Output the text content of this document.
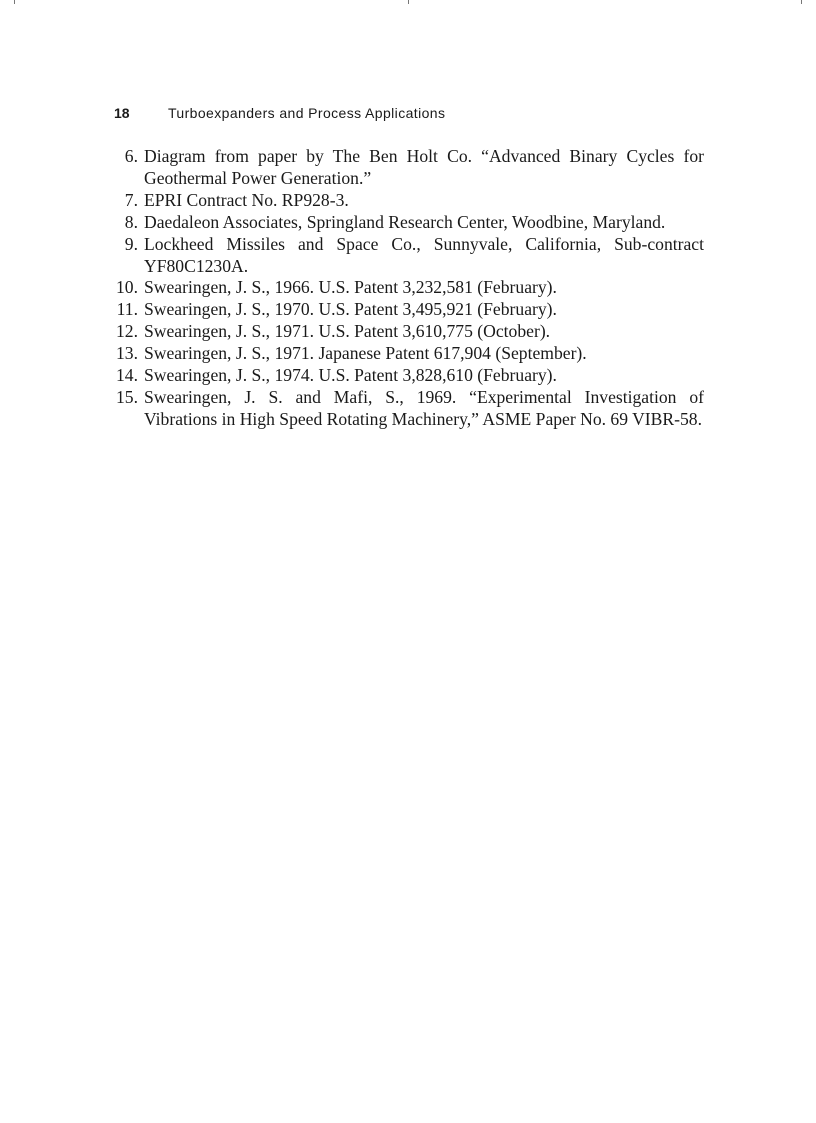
18	Turboexpanders and Process Applications
6. Diagram from paper by The Ben Holt Co. “Advanced Binary Cycles for Geothermal Power Generation.”
7. EPRI Contract No. RP928-3.
8. Daedaleon Associates, Springland Research Center, Woodbine, Maryland.
9. Lockheed Missiles and Space Co., Sunnyvale, California, Sub-contract YF80C1230A.
10. Swearingen, J. S., 1966. U.S. Patent 3,232,581 (February).
11. Swearingen, J. S., 1970. U.S. Patent 3,495,921 (February).
12. Swearingen, J. S., 1971. U.S. Patent 3,610,775 (October).
13. Swearingen, J. S., 1971. Japanese Patent 617,904 (September).
14. Swearingen, J. S., 1974. U.S. Patent 3,828,610 (February).
15. Swearingen, J. S. and Mafi, S., 1969. “Experimental Investigation of Vibrations in High Speed Rotating Machinery,” ASME Paper No. 69 VIBR-58.
